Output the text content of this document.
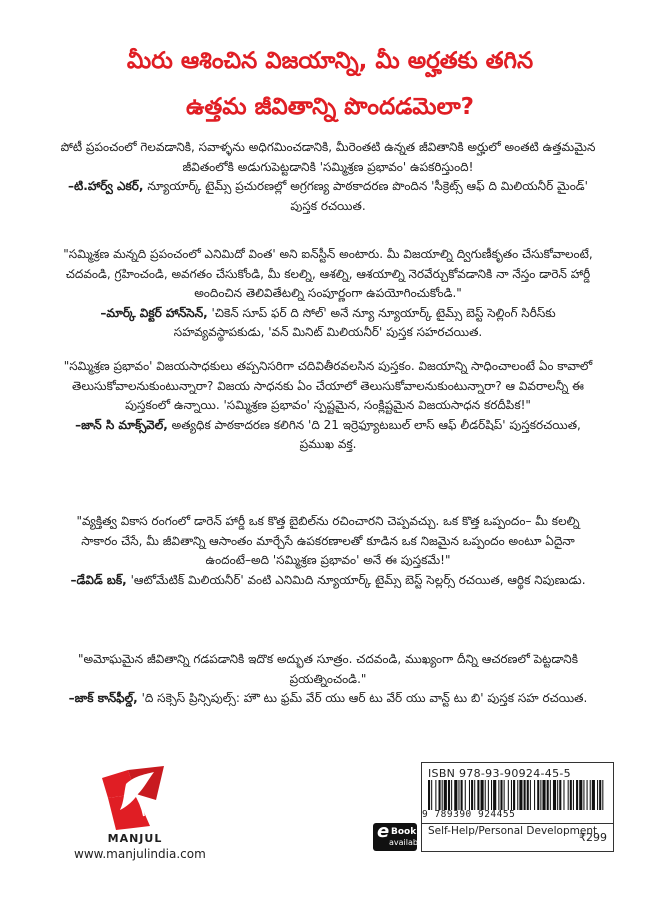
మీరు ఆశించిన విజయాన్ని, మీ అర్హతకు తగిన
ఉత్తమ జీవితాన్ని పొందడమెలా?
పోటీ ప్రపంచంలో గెలవడానికి, సవాళ్ళను అధిగమించడానికి, మీరెంతటి ఉన్నత జీవితానికి అర్హులో అంతటి ఉత్తమమైన జీవితంలోకి అడుగుపెట్టడానికి 'సమ్మిశ్రణ ప్రభావం' ఉపకరిస్తుంది!
–టి.హార్వ్ ఎకర్, న్యూయార్క్ టైమ్స్ ప్రచురణల్లో అగ్రగణ్య పాఠకాదరణ పొందిన 'సీక్రెట్స్ ఆఫ్ ది మిలియనీర్ మైండ్' పుస్తక రచయిత.
"సమ్మిశ్రణ మన్నది ప్రపంచంలో ఎనిమిదో వింత' అని ఐన్‌స్టీన్ అంటారు. మీ విజయాల్ని ద్విగుణీకృతం చేసుకోవాలంటే, చదవండి, గ్రహించండి, అవగతం చేసుకోండి, మీ కలల్ని, ఆశల్ని, ఆశయాల్ని నెరవేర్చుకోవడానికి నా నేస్తం డారెన్ హార్డీ అందించిన తెలివితేటల్ని సంపూర్ణంగా ఉపయోగించుకోండి."
–మార్క్ విక్టర్ హాన్‌సెన్, 'చికెన్ సూప్ ఫర్ ది సోల్' అనే న్యూ న్యూయార్క్ టైమ్స్ బెస్ట్ సెల్లింగ్ సిరీస్‌కు సహవ్యవస్థాపకుడు, 'వన్ మినిట్ మిలియనీర్' పుస్తక సహరచయిత.
"సమ్మిశ్రణ ప్రభావం' విజయసాధకులు తప్పనిసరిగా చదివితీరవలసిన పుస్తకం. విజయాన్ని సాధించాలంటే ఏం కావాలో తెలుసుకోవాలనుకుంటున్నారా? విజయ సాధనకు ఏం చేయాలో తెలుసుకోవాలనుకుంటున్నారా? ఆ వివరాలన్నీ ఈ పుస్తకంలో ఉన్నాయి. 'సమ్మిశ్రణ ప్రభావం' స్పష్టమైన, సంక్లిష్టమైన విజయసాధన కరదీపిక!"
–జాన్ సి మాక్స్‌వెల్, అత్యధిక పాఠకాదరణ కలిగిన 'ది 21 ఇర్రెఫ్యూటబుల్ లాస్ ఆఫ్ లీడర్‌షిప్' పుస్తకరచయిత, ప్రముఖ వక్త.
"వ్యక్తిత్వ వికాస రంగంలో డారెన్ హార్డీ ఒక కొత్త బైబిల్‌ను రచించారని చెప్పవచ్చు. ఒక కొత్త ఒప్పందం– మీ కలల్ని సాకారం చేసే, మీ జీవితాన్ని ఆసాంతం మార్చేసే ఉపకరణాలతో కూడిన ఒక నిజమైన ఒప్పందం అంటూ ఏదైనా ఉందంటే–అది 'సమ్మిశ్రణ ప్రభావం' అనే ఈ పుస్తకమే!"
–డేవిడ్ బక్, 'ఆటోమేటిక్ మిలియనీర్' వంటి ఎనిమిది న్యూయార్క్ టైమ్స్ బెస్ట్ సెల్లర్స్ రచయిత, ఆర్థిక నిపుణుడు.
"అమోఘమైన జీవితాన్ని గడపడానికి ఇదొక అద్భుత సూత్రం. చదవండి, ముఖ్యంగా దీన్ని ఆచరణలో పెట్టడానికి ప్రయత్నించండి."
–జాక్ కాన్‌ఫీల్డ్, 'ది సక్సెస్ ప్రిన్సిపుల్స్: హౌ టు ఫ్రమ్ వేర్ యు ఆర్ టు వేర్ యు వాన్ట్ టు బి' పుస్తక సహ రచయిత.
MANJUL
www.manjulindia.com
e Book
available
ISBN 978-93-90924-45-5
9 789390 924455
Self-Help/Personal Development
₹299
